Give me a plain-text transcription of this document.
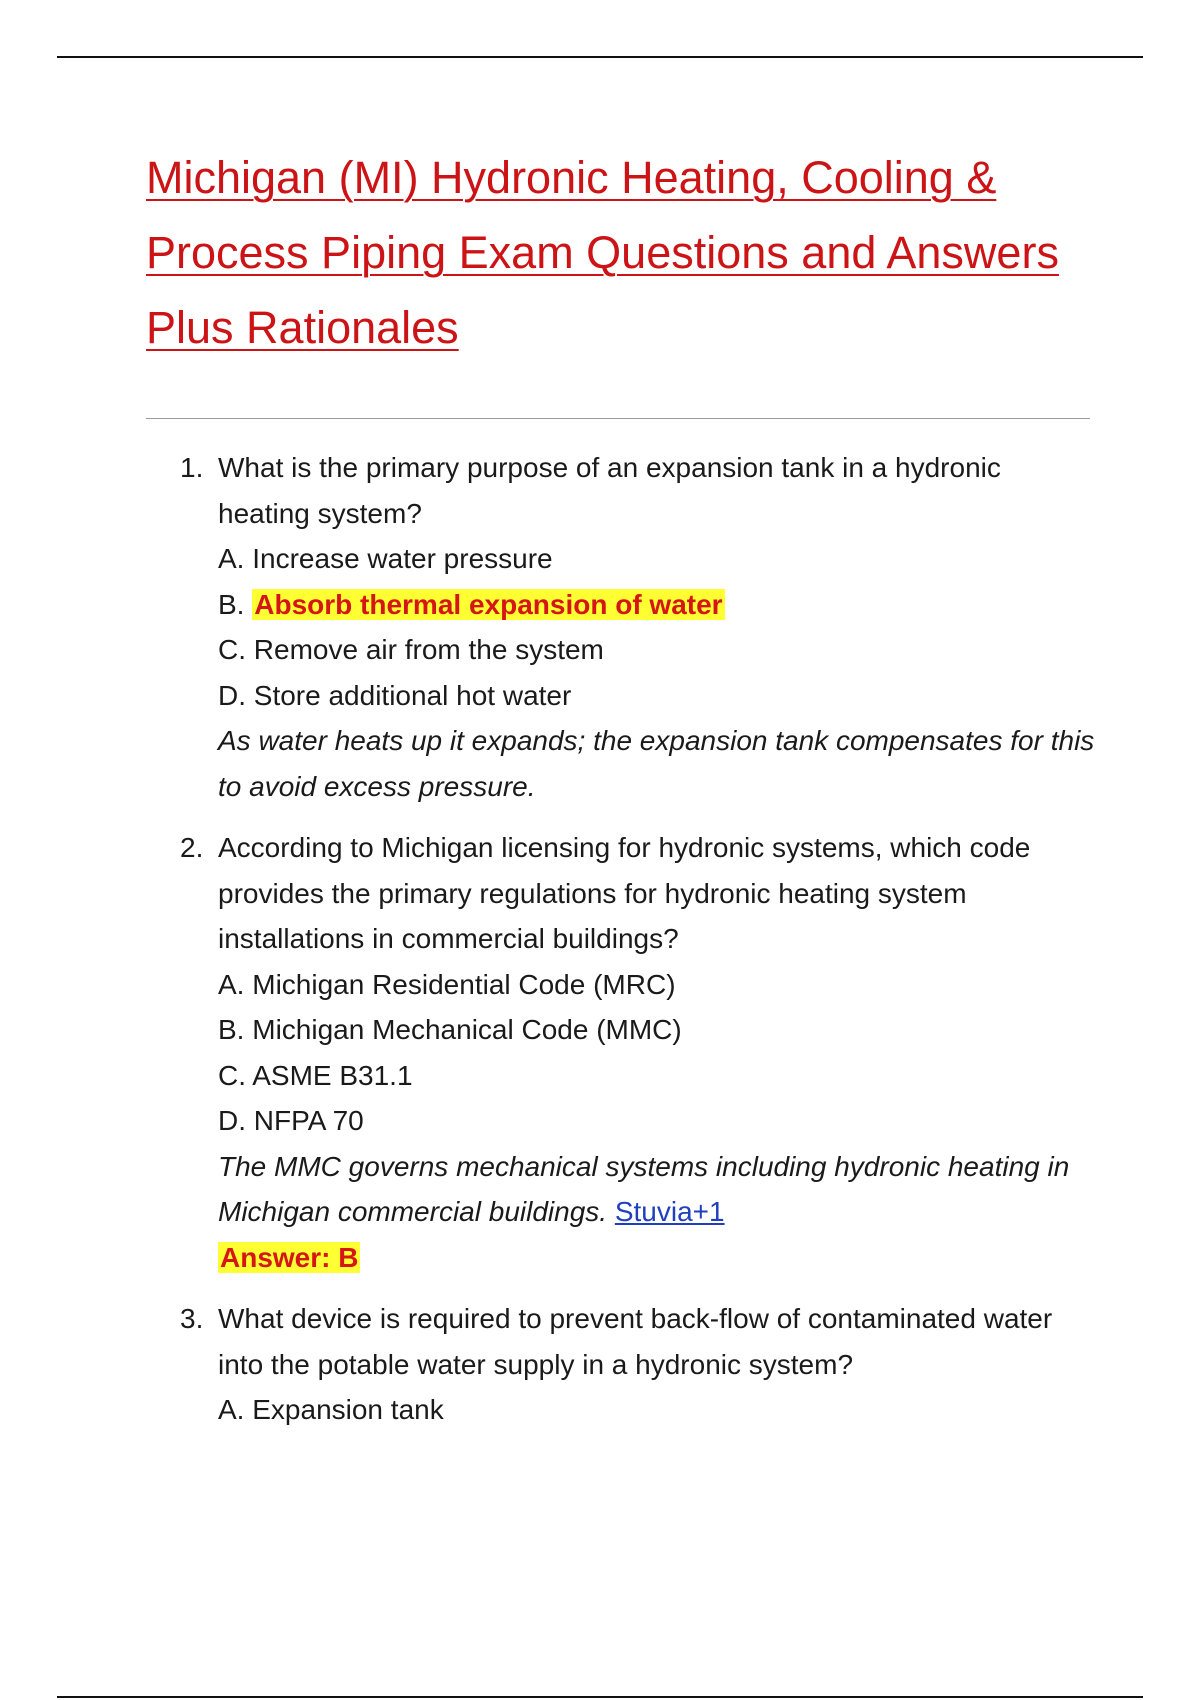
Michigan (MI) Hydronic Heating, Cooling &
Process Piping Exam Questions and Answers
Plus Rationales
1. What is the primary purpose of an expansion tank in a hydronic heating system?
A. Increase water pressure
B. Absorb thermal expansion of water
C. Remove air from the system
D. Store additional hot water
As water heats up it expands; the expansion tank compensates for this to avoid excess pressure.
2. According to Michigan licensing for hydronic systems, which code provides the primary regulations for hydronic heating system installations in commercial buildings?
A. Michigan Residential Code (MRC)
B. Michigan Mechanical Code (MMC)
C. ASME B31.1
D. NFPA 70
The MMC governs mechanical systems including hydronic heating in Michigan commercial buildings. Stuvia+1
Answer: B
3. What device is required to prevent back-flow of contaminated water into the potable water supply in a hydronic system?
A. Expansion tank
